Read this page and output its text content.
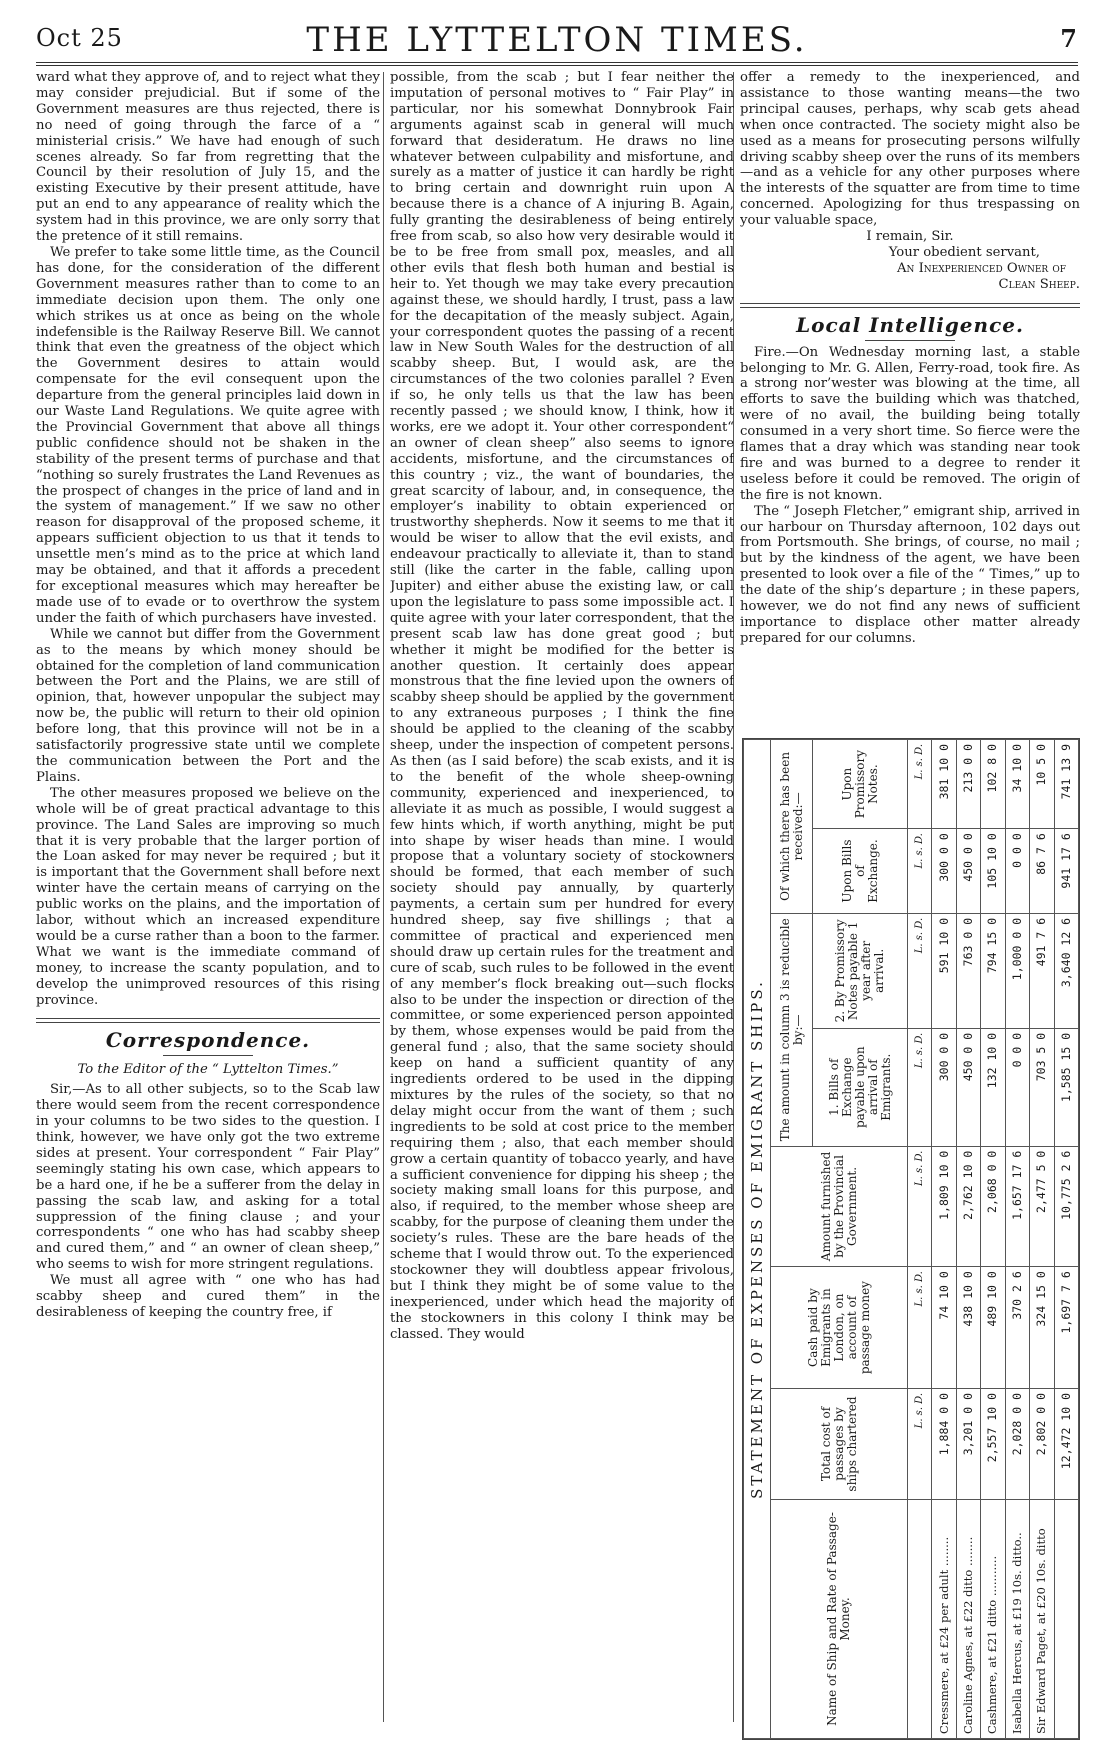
Oct 25	THE LYTTELTON TIMES.	7

ward what they approve of, and to reject what they may consider prejudicial. But if some of the Government measures are thus rejected, there is no need of going through the farce of a “ ministerial crisis.” We have had enough of such scenes already. So far from regretting that the Council by their resolution of July 15, and the existing Executive by their present attitude, have put an end to any appearance of reality which the system had in this province, we are only sorry that the pretence of it still remains.

We prefer to take some little time, as the Council has done, for the consideration of the different Government measures rather than to come to an immediate decision upon them. The only one which strikes us at once as being on the whole indefensible is the Railway Reserve Bill. We cannot think that even the greatness of the object which the Government desires to attain would compensate for the evil consequent upon the departure from the general principles laid down in our Waste Land Regulations. We quite agree with the Provincial Government that above all things public confidence should not be shaken in the stability of the present terms of purchase and that “nothing so surely frustrates the Land Revenues as the prospect of changes in the price of land and in the system of management.” If we saw no other reason for disapproval of the proposed scheme, it appears sufficient objection to us that it tends to unsettle men’s mind as to the price at which land may be obtained, and that it affords a precedent for exceptional measures which may hereafter be made use of to evade or to overthrow the system under the faith of which purchasers have invested.

While we cannot but differ from the Government as to the means by which money should be obtained for the completion of land communication between the Port and the Plains, we are still of opinion, that, however unpopular the subject may now be, the public will return to their old opinion before long, that this province will not be in a satisfactorily progressive state until we complete the communication between the Port and the Plains.

The other measures proposed we believe on the whole will be of great practical advantage to this province. The Land Sales are improving so much that it is very probable that the larger portion of the Loan asked for may never be required ; but it is important that the Government shall before next winter have the certain means of carrying on the public works on the plains, and the importation of labor, without which an increased expenditure would be a curse rather than a boon to the farmer. What we want is the immediate command of money, to increase the scanty population, and to develop the unimproved resources of this rising province.

Correspondence.
To the Editor of the “ Lyttelton Times.”

Sir,—As to all other subjects, so to the Scab law there would seem from the recent correspondence in your columns to be two sides to the question. I think, however, we have only got the two extreme sides at present. Your correspondent “ Fair Play” seemingly stating his own case, which appears to be a hard one, if he be a sufferer from the delay in passing the scab law, and asking for a total suppression of the fining clause ; and your correspondents “ one who has had scabby sheep and cured them,” and “ an owner of clean sheep,” who seems to wish for more stringent regulations.

We must all agree with “ one who has had scabby sheep and cured them” in the desirableness of keeping the country free, if

possible, from the scab ; but I fear neither the imputation of personal motives to “ Fair Play” in particular, nor his somewhat Donnybrook Fair arguments against scab in general will much forward that desideratum. He draws no line whatever between culpability and misfortune, and surely as a matter of justice it can hardly be right to bring certain and downright ruin upon A because there is a chance of A injuring B. Again, fully granting the desirableness of being entirely free from scab, so also how very desirable would it be to be free from small pox, measles, and all other evils that flesh both human and bestial is heir to. Yet though we may take every precaution against these, we should hardly, I trust, pass a law for the decapitation of the measly subject. Again, your correspondent quotes the passing of a recent law in New South Wales for the destruction of all scabby sheep. But, I would ask, are the circumstances of the two colonies parallel ? Even if so, he only tells us that the law has been recently passed ; we should know, I think, how it works, ere we adopt it. Your other correspondent“ an owner of clean sheep” also seems to ignore accidents, misfortune, and the circumstances of this country ; viz., the want of boundaries, the great scarcity of labour, and, in consequence, the employer’s inability to obtain experienced or trustworthy shepherds. Now it seems to me that it would be wiser to allow that the evil exists, and endeavour practically to alleviate it, than to stand still (like the carter in the fable, calling upon Jupiter) and either abuse the existing law, or call upon the legislature to pass some impossible act. I quite agree with your later correspondent, that the present scab law has done great good ; but whether it might be modified for the better is another question. It certainly does appear monstrous that the fine levied upon the owners of scabby sheep should be applied by the government to any extraneous purposes ; I think the fine should be applied to the cleaning of the scabby sheep, under the inspection of competent persons. As then (as I said before) the scab exists, and it is to the benefit of the whole sheep-owning community, experienced and inexperienced, to alleviate it as much as possible, I would suggest a few hints which, if worth anything, might be put into shape by wiser heads than mine. I would propose that a voluntary society of stockowners should be formed, that each member of such society should pay annually, by quarterly payments, a certain sum per hundred for every hundred sheep, say five shillings ; that a committee of practical and experienced men should draw up certain rules for the treatment and cure of scab, such rules to be followed in the event of any member’s flock breaking out—such flocks also to be under the inspection or direction of the committee, or some experienced person appointed by them, whose expenses would be paid from the general fund ; also, that the same society should keep on hand a sufficient quantity of any ingredients ordered to be used in the dipping mixtures by the rules of the society, so that no delay might occur from the want of them ; such ingredients to be sold at cost price to the member requiring them ; also, that each member should grow a certain quantity of tobacco yearly, and have a sufficient convenience for dipping his sheep ; the society making small loans for this purpose, and also, if required, to the member whose sheep are scabby, for the purpose of cleaning them under the society’s rules. These are the bare heads of the scheme that I would throw out. To the experienced stockowner they will doubtless appear frivolous, but I think they might be of some value to the inexperienced, under which head the majority of the stockowners in this colony I think may be classed. They would

offer a remedy to the inexperienced, and assistance to those wanting means—the two principal causes, perhaps, why scab gets ahead when once contracted. The society might also be used as a means for prosecuting persons wilfully driving scabby sheep over the runs of its members—and as a vehicle for any other purposes where the interests of the squatter are from time to time concerned. Apologizing for thus trespassing on your valuable space,

I remain, Sir.
Your obedient servant,
An Inexperienced Owner of
Clean Sheep.
Local Intelligence.

Fire.—On Wednesday morning last, a stable belonging to Mr. G. Allen, Ferry-road, took fire. As a strong nor’wester was blowing at the time, all efforts to save the building which was thatched, were of no avail, the building being totally consumed in a very short time. So fierce were the flames that a dray which was standing near took fire and was burned to a degree to render it useless before it could be removed. The origin of the fire is not known.

The “ Joseph Fletcher,” emigrant ship, arrived in our harbour on Thursday afternoon, 102 days out from Portsmouth. She brings, of course, no mail ; but by the kindness of the agent, we have been presented to look over a file of the “ Times,” up to the date of the ship’s departure ; in these papers, however, we do not find any news of sufficient importance to displace other matter already prepared for our columns.

STATEMENT OF EXPENSES OF EMIGRANT SHIPS.							
Name of Ship and Rate of Passage-Money.	Total cost of passages by ships chartered	Cash paid by Emigrants in London, on account of passage money	Amount furnished by the Provincial Government.	The amount in column 3 is reducible by:—		Of which there has been received:—	
				1. Bills of Exchange payable upon arrival of Emigrants.	2. By Promissory Notes payable 1 year after arrival.	Upon Bills of Exchange.	Upon Promissory Notes.
	L. s. D.	L. s. D.	L. s. D.	L. s. D.	L. s. D.	L. s. D.	L. s. D.
Cressmere, at £24 per adult ........	1,884 0 0	74 10 0	1,809 10 0	300 0 0	591 10 0	300 0 0	381 10 0
Caroline Agnes, at £22 ditto ........	3,201 0 0	438 10 0	2,762 10 0	450 0 0	763 0 0	450 0 0	213 0 0
Cashmere, at £21 ditto ...........	2,557 10 0	489 10 0	2,068 0 0	132 10 0	794 15 0	105 10 0	102 8 0
Isabella Hercus, at £19 10s. ditto..	2,028 0 0	370 2 6	1,657 17 6	0 0 0	1,000 0 0	0 0 0	34 10 0
Sir Edward Paget, at £20 10s. ditto	2,802 0 0	324 15 0	2,477 5 0	703 5 0	491 7 6	86 7 6	10 5 0
	12,472 10 0	1,697 7 6	10,775 2 6	1,585 15 0	3,640 12 6	941 17 6	741 13 9
